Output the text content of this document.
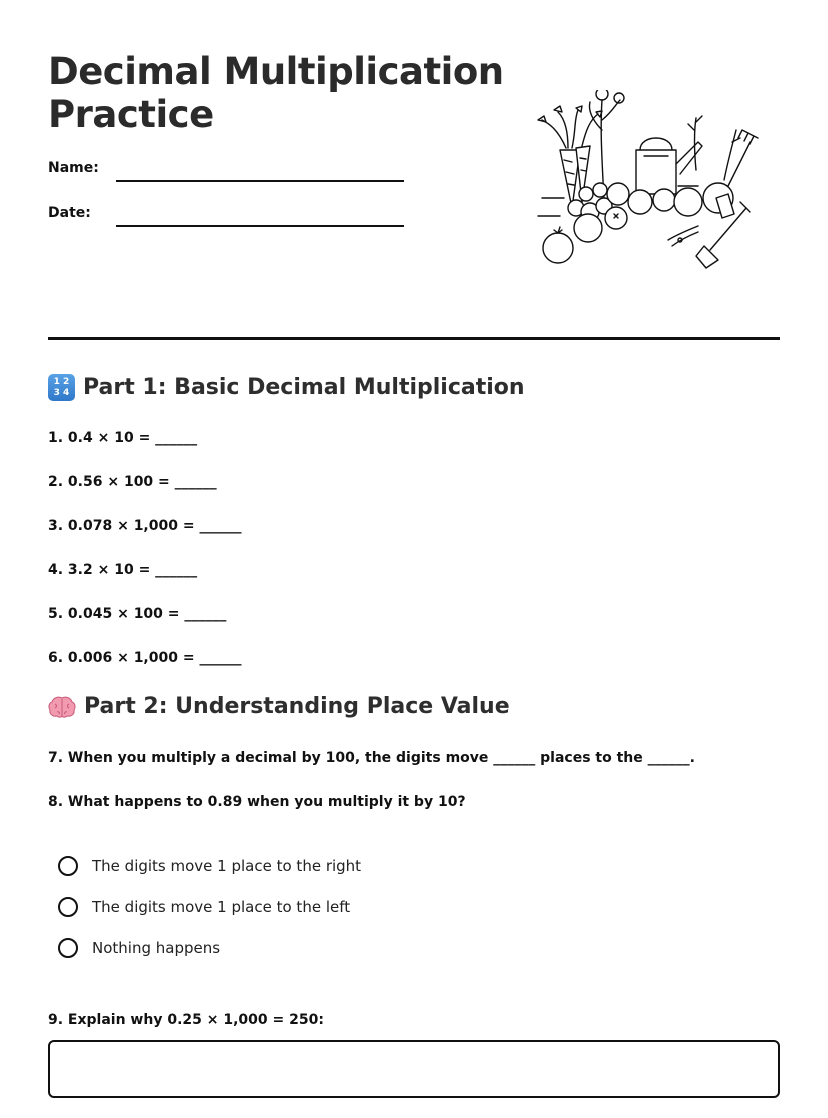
Decimal Multiplication Practice
Name:
Date:
1 2
3 4 Part 1: Basic Decimal Multiplication
1. 0.4 × 10 = ______
2. 0.56 × 100 = ______
3. 0.078 × 1,000 = ______
4. 3.2 × 10 = ______
5. 0.045 × 100 = ______
6. 0.006 × 1,000 = ______
Part 2: Understanding Place Value
7. When you multiply a decimal by 100, the digits move ______ places to the ______.
8. What happens to 0.89 when you multiply it by 10?
The digits move 1 place to the right
The digits move 1 place to the left
Nothing happens
9. Explain why 0.25 × 1,000 = 250:
